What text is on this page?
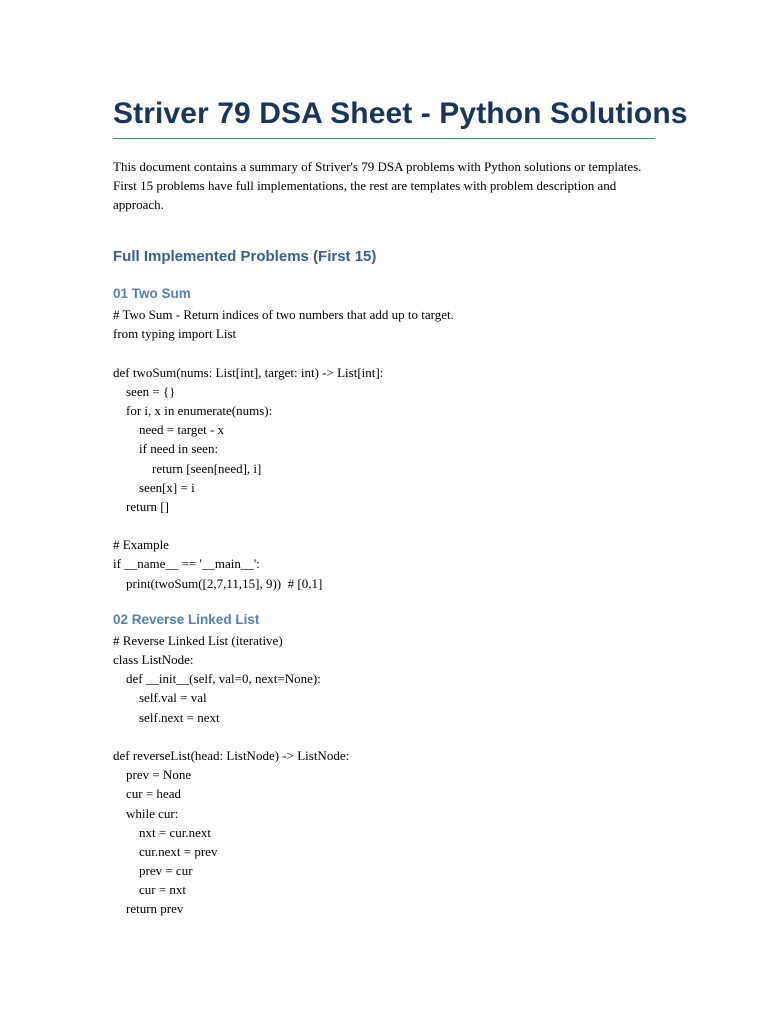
Striver 79 DSA Sheet - Python Solutions

This document contains a summary of Striver's 79 DSA problems with Python solutions or templates. First 15 problems have full implementations, the rest are templates with problem description and approach.

Full Implemented Problems (First 15)
01 Two Sum
# Two Sum - Return indices of two numbers that add up to target.
from typing import List
def twoSum(nums: List[int], target: int) -> List[int]:
seen = {}
for i, x in enumerate(nums):
need = target - x
if need in seen:
return [seen[need], i]
seen[x] = i
return []
# Example
if __name__ == '__main__':
print(twoSum([2,7,11,15], 9))  # [0,1]
02 Reverse Linked List
# Reverse Linked List (iterative)
class ListNode:
def __init__(self, val=0, next=None):
self.val = val
self.next = next
def reverseList(head: ListNode) -> ListNode:
prev = None
cur = head
while cur:
nxt = cur.next
cur.next = prev
prev = cur
cur = nxt
return prev
